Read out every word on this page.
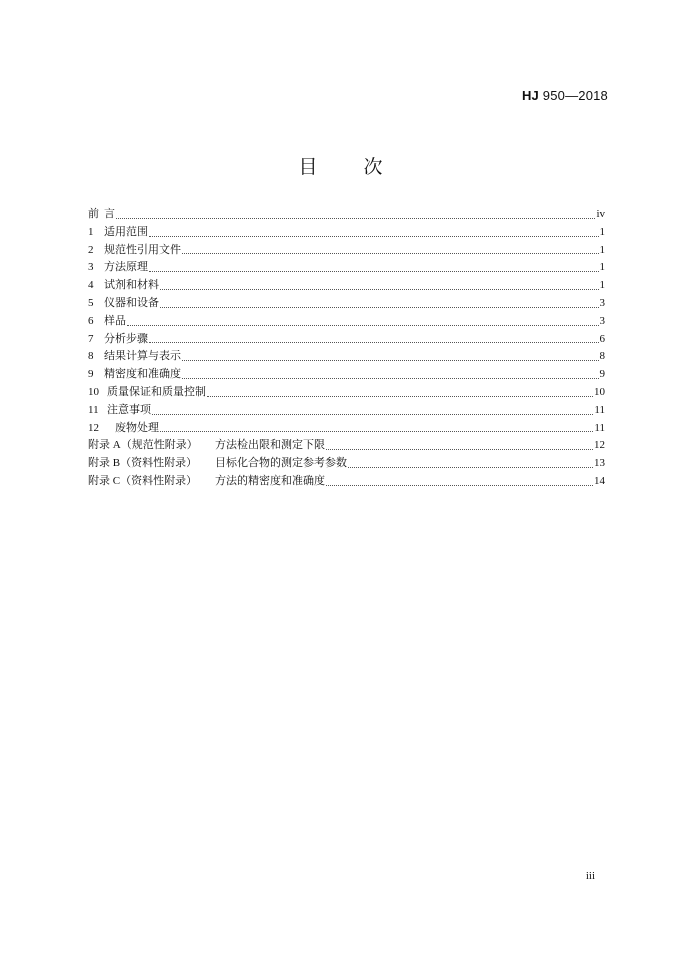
HJ 950—2018
目 次
前 言	iv
1 适用范围	1
2 规范性引用文件	1
3 方法原理	1
4 试剂和材料	1
5 仪器和设备	3
6 样品	3
7 分析步骤	6
8 结果计算与表示	8
9 精密度和准确度	9
10 质量保证和质量控制	10
11 注意事项	11
12 废物处理	11
附录 A（规范性附录） 方法检出限和测定下限	12
附录 B（资料性附录） 目标化合物的测定参考参数	13
附录 C（资料性附录） 方法的精密度和准确度	14
iii
